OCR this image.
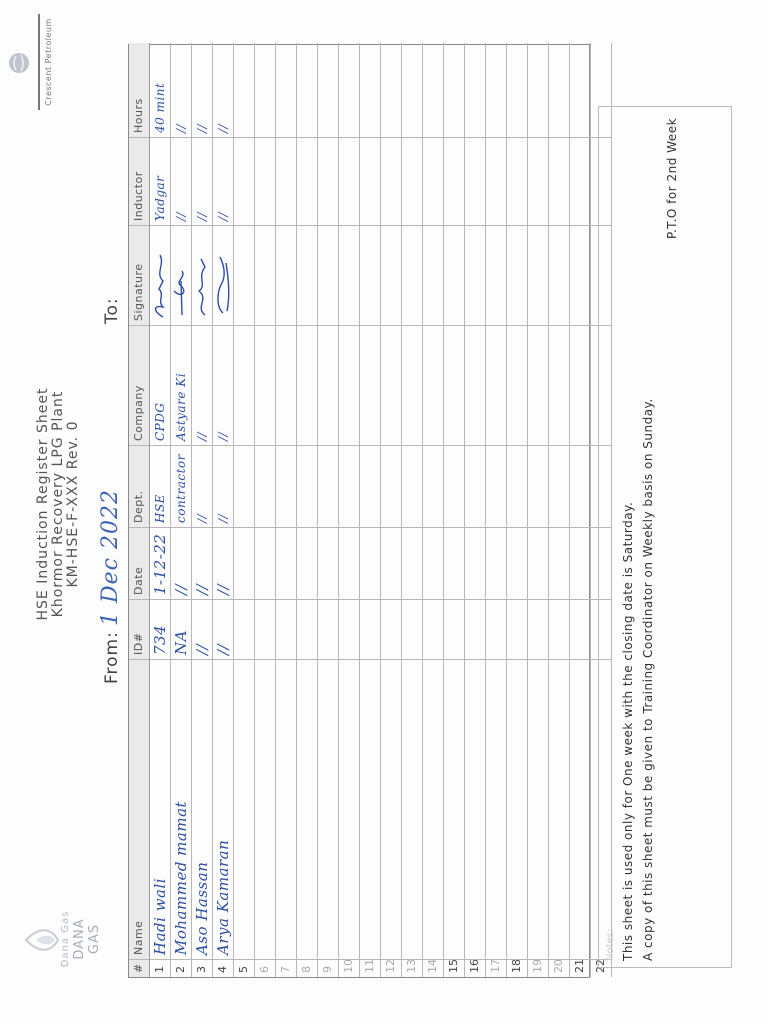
Dana Gas DANA GAS
HSE Induction Register Sheet Khormor Recovery LPG Plant KM-HSE-F-XXX Rev. 0
Crescent Petroleum
From:
1 Dec 2022
To:
#
Name
ID#
Date
Dept.
Company
Signature
Inductor
Hours
1
Hadi wali
734
1-12-22
HSE
CPDG
Yadgar
40 mint
2
Mohammed mamat
NA
//
contractor
Astyare Ki
//
//
3
Aso Hassan
//
//
//
//
//
//
4
Arya Kamaran
//
//
//
//
//
//
5 6 7 8 9 10 11 12 13 14 15 16 17 18 19 20 21 22
Notes: This sheet is used only for One week with the closing date is Saturday. A copy of this sheet must be given to Training Coordinator on Weekly basis on Sunday.
P.T.O for 2nd Week
